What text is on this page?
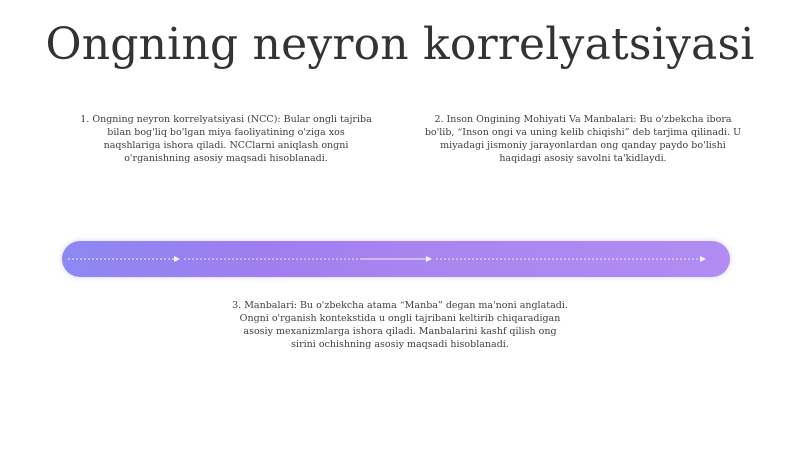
Ongning neyron korrelyatsiyasi
1. Ongning neyron korrelyatsiyasi (NCC): Bular ongli tajriba bilan bog'liq bo'lgan miya faoliyatining o'ziga xos naqshlariga ishora qiladi. NCClarni aniqlash ongni o'rganishning asosiy maqsadi hisoblanadi.
2. Inson Ongining Mohiyati Va Manbalari: Bu o'zbekcha ibora bo'lib, “Inson ongi va uning kelib chiqishi” deb tarjima qilinadi. U miyadagi jismoniy jarayonlardan ong qanday paydo bo'lishi haqidagi asosiy savolni ta'kidlaydi.
3. Manbalari: Bu o'zbekcha atama “Manba” degan ma'noni anglatadi. Ongni o'rganish kontekstida u ongli tajribani keltirib chiqaradigan asosiy mexanizmlarga ishora qiladi. Manbalarini kashf qilish ong sirini ochishning asosiy maqsadi hisoblanadi.
